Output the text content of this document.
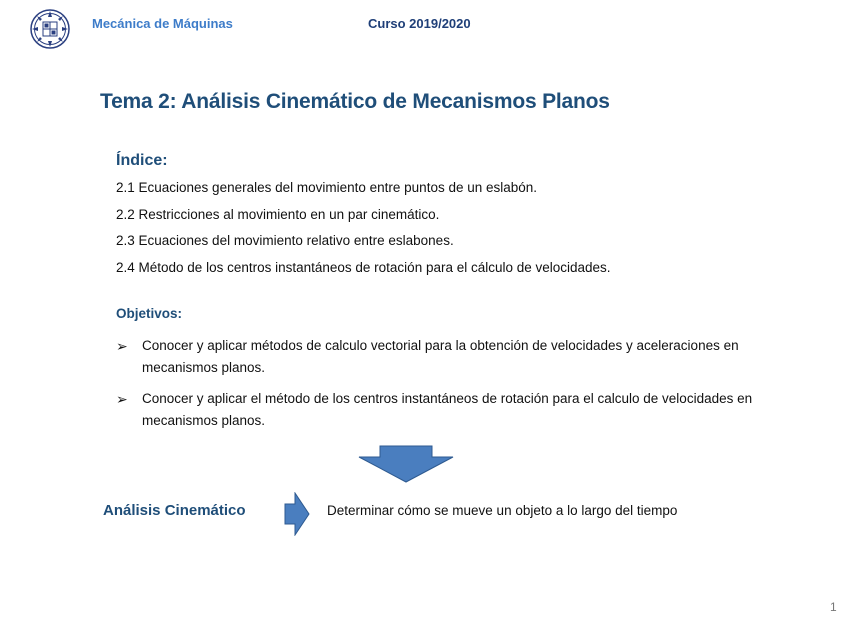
Mecánica de Máquinas	Curso 2019/2020
Tema 2: Análisis Cinemático de Mecanismos Planos
Índice:
2.1 Ecuaciones generales del movimiento entre puntos de un eslabón.
2.2 Restricciones al movimiento en un par cinemático.
2.3 Ecuaciones del movimiento relativo entre eslabones.
2.4 Método de los centros instantáneos de rotación para el cálculo de velocidades.
Objetivos:
➢ Conocer y aplicar métodos de calculo vectorial para la obtención de velocidades y aceleraciones en mecanismos planos.
➢ Conocer y aplicar el método de los centros instantáneos de rotación para el calculo de velocidades en mecanismos planos.
Análisis Cinemático	Determinar cómo se mueve un objeto a lo largo del tiempo
1
